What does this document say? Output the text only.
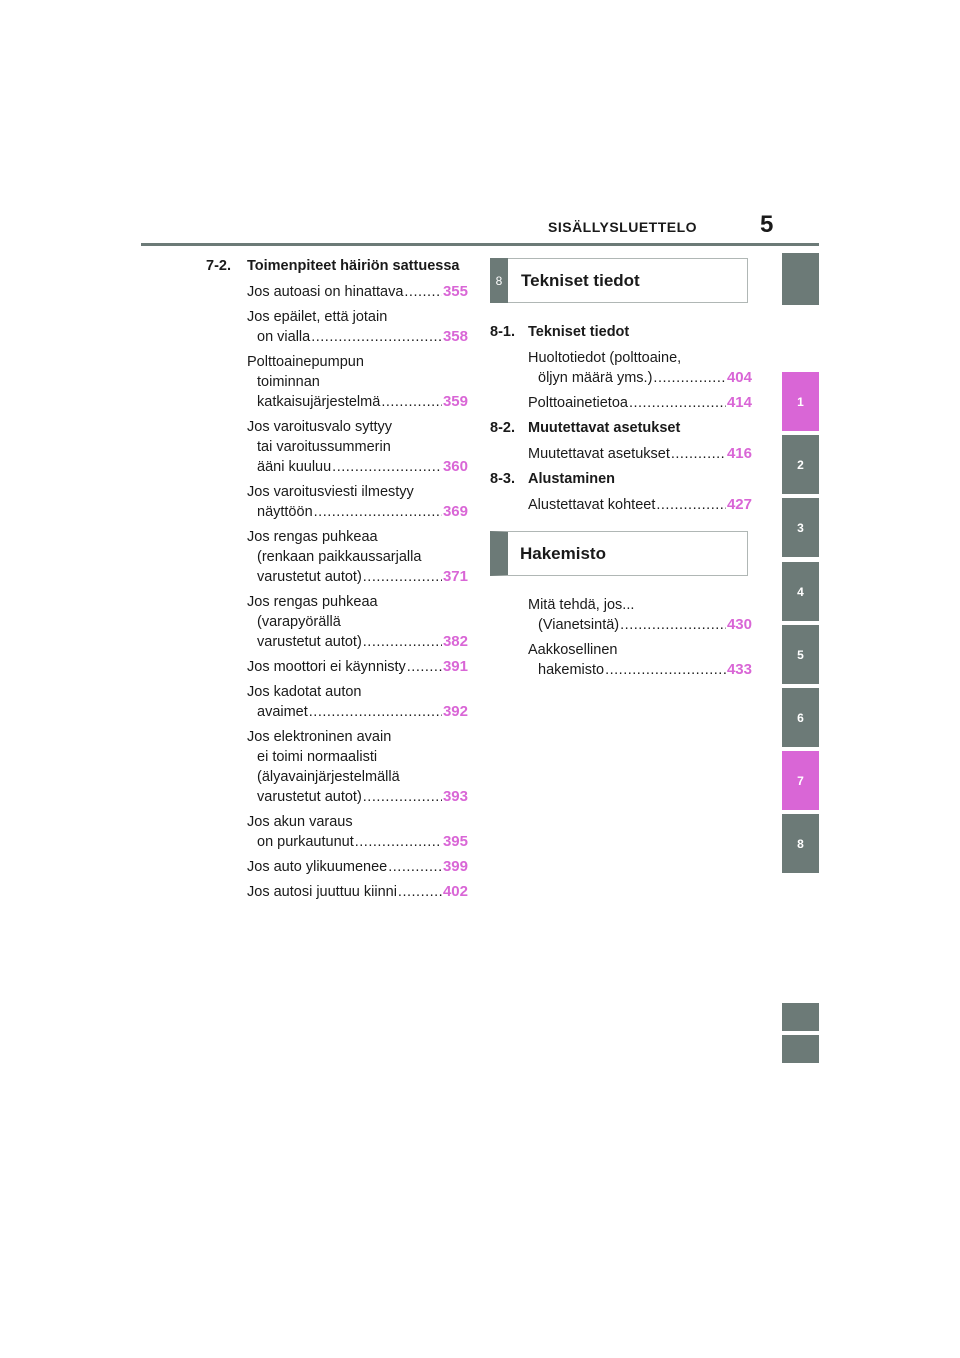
SISÄLLYSLUETTELO	5
7-2.	Toimenpiteet häiriön sattuessa
Jos autoasi on hinattava .....	355
Jos epäilet, että jotain
on vialla .....	358
Polttoainepumpun
toiminnan
katkaisujärjestelmä .....	359
Jos varoitusvalo syttyy
tai varoitussummerin
ääni kuuluu .....	360
Jos varoitusviesti ilmestyy
näyttöön .....	369
Jos rengas puhkeaa
(renkaan paikkaussarjalla
varustetut autot) .....	371
Jos rengas puhkeaa
(varapyörällä
varustetut autot) .....	382
Jos moottori ei käynnisty ..... 391
Jos kadotat auton
avaimet .....	392
Jos elektroninen avain
ei toimi normaalisti
(älyavainjärjestelmällä
varustetut autot) .....	393
Jos akun varaus
on purkautunut .....	395
Jos auto ylikuumenee .....	399
Jos autosi juuttuu kiinni .....	402
8	Tekniset tiedot
8-1. Tekniset tiedot
Huoltotiedot (polttoaine,
öljyn määrä yms.) .....	404
Polttoainetietoa .....	414
8-2. Muutettavat asetukset
Muutettavat asetukset .....	416
8-3. Alustaminen
Alustettavat kohteet .....	427
Hakemisto
Mitä tehdä, jos...
(Vianetsintä) .....	430
Aakkosellinen
hakemisto .....	433
1
2
3
4
5
6
7
8
